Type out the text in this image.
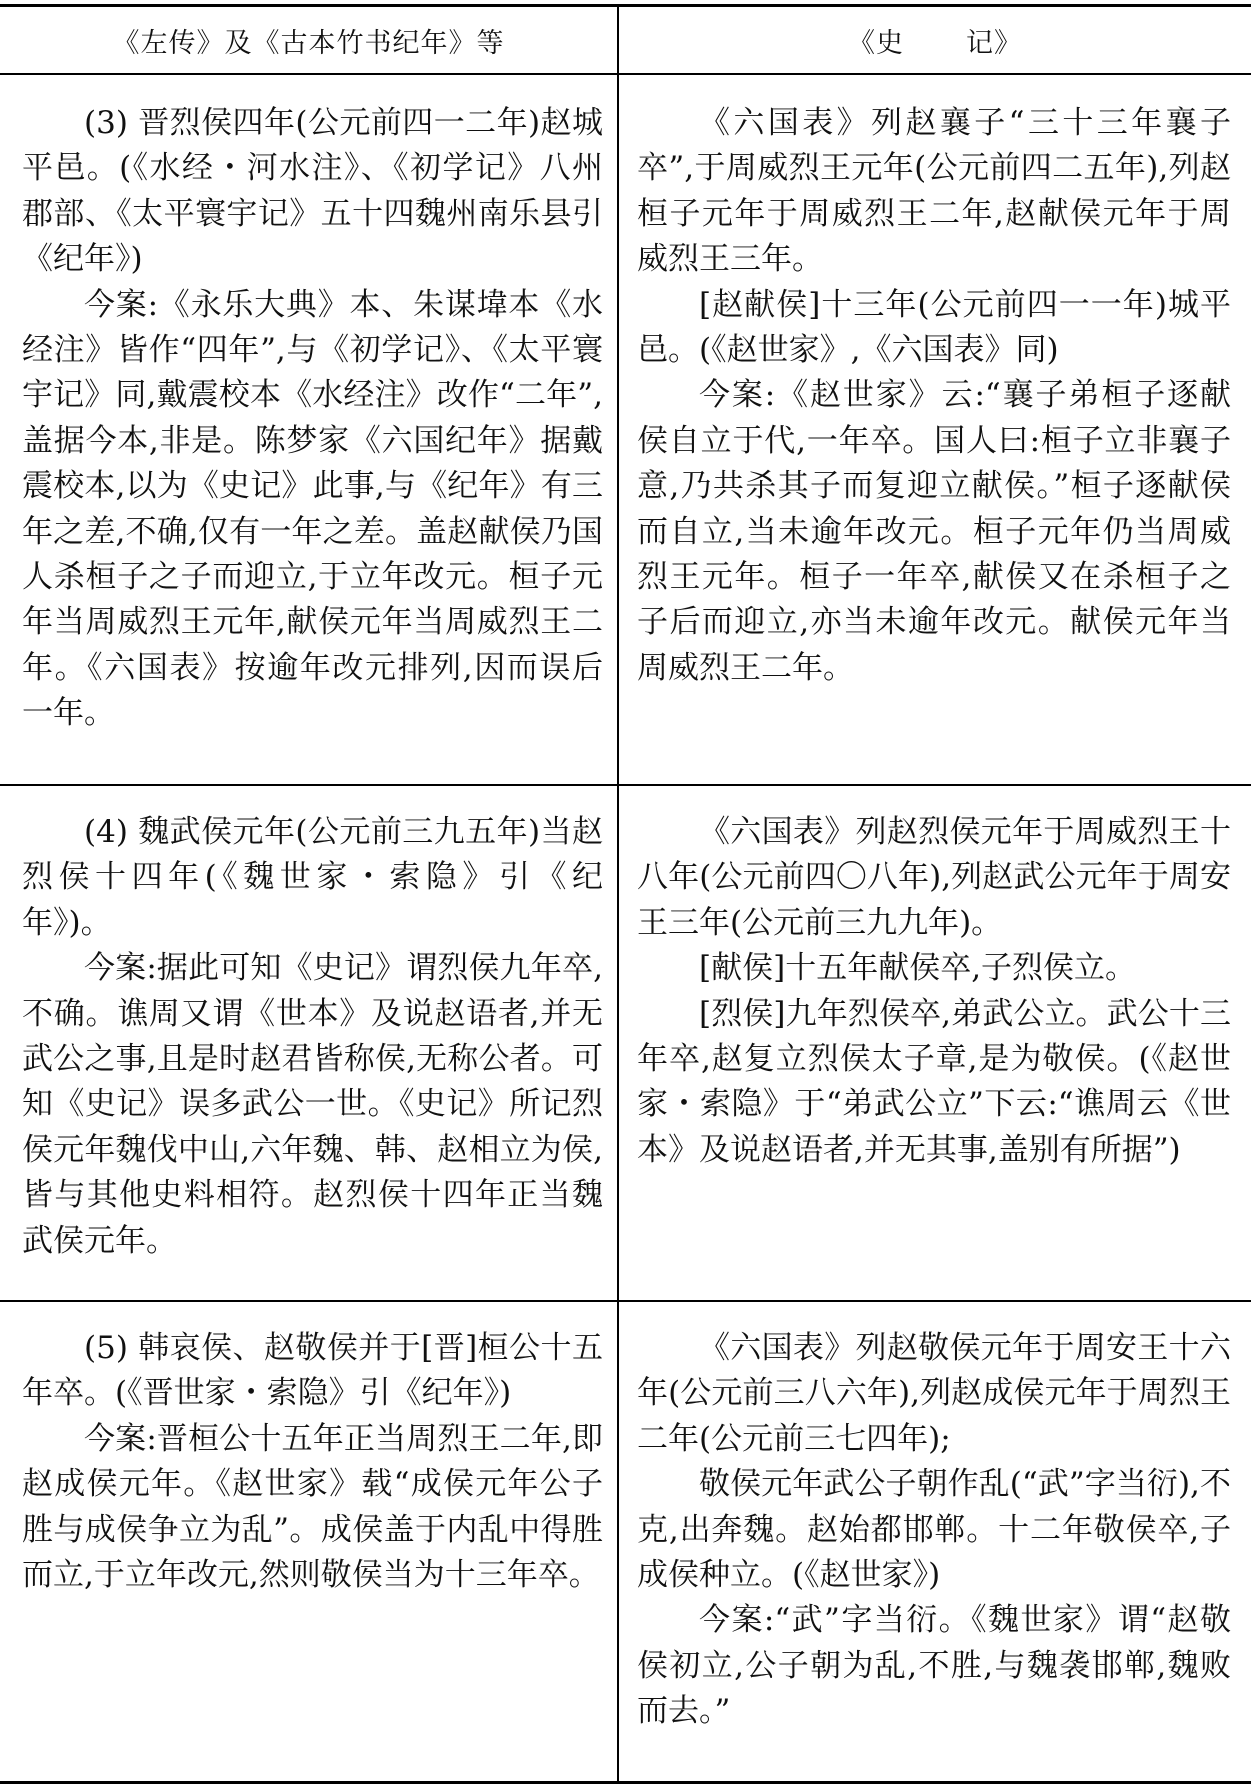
《左传》及《古本竹书纪年》等	《史 记》

(3) 晋烈侯四年(公元前四一二年)赵城平邑。(《水经・河水注》、《初学记》八州郡部、《太平寰宇记》五十四魏州南乐县引《纪年》)

今案:《永乐大典》本、朱谋㙔本《水经注》皆作“四年”,与《初学记》、《太平寰宇记》同,戴震校本《水经注》改作“二年”,盖据今本,非是。陈梦家《六国纪年》据戴震校本,以为《史记》此事,与《纪年》有三年之差,不确,仅有一年之差。盖赵献侯乃国人杀桓子之子而迎立,于立年改元。桓子元年当周威烈王元年,献侯元年当周威烈王二年。《六国表》按逾年改元排列,因而误后一年。

《六国表》列赵襄子“三十三年襄子卒”,于周威烈王元年(公元前四二五年),列赵桓子元年于周威烈王二年,赵献侯元年于周威烈王三年。

[赵献侯]十三年(公元前四一一年)城平邑。(《赵世家》,《六国表》同)

今案:《赵世家》云:“襄子弟桓子逐献侯自立于代,一年卒。国人曰:桓子立非襄子意,乃共杀其子而复迎立献侯。”桓子逐献侯而自立,当未逾年改元。桓子元年仍当周威烈王元年。桓子一年卒,献侯又在杀桓子之子后而迎立,亦当未逾年改元。献侯元年当周威烈王二年。

(4) 魏武侯元年(公元前三九五年)当赵烈侯十四年(《魏世家・索隐》引《纪年》)。

今案:据此可知《史记》谓烈侯九年卒,不确。谯周又谓《世本》及说赵语者,并无武公之事,且是时赵君皆称侯,无称公者。可知《史记》误多武公一世。《史记》所记烈侯元年魏伐中山,六年魏、韩、赵相立为侯,皆与其他史料相符。赵烈侯十四年正当魏武侯元年。

《六国表》列赵烈侯元年于周威烈王十八年(公元前四〇八年),列赵武公元年于周安王三年(公元前三九九年)。

[献侯]十五年献侯卒,子烈侯立。

[烈侯]九年烈侯卒,弟武公立。武公十三年卒,赵复立烈侯太子章,是为敬侯。(《赵世家・索隐》于“弟武公立”下云:“谯周云《世本》及说赵语者,并无其事,盖别有所据”)

(5) 韩哀侯、赵敬侯并于[晋]桓公十五年卒。(《晋世家・索隐》引《纪年》)

今案:晋桓公十五年正当周烈王二年,即赵成侯元年。《赵世家》载“成侯元年公子胜与成侯争立为乱”。成侯盖于内乱中得胜而立,于立年改元,然则敬侯当为十三年卒。

《六国表》列赵敬侯元年于周安王十六年(公元前三八六年),列赵成侯元年于周烈王二年(公元前三七四年);

敬侯元年武公子朝作乱(“武”字当衍),不克,出奔魏。赵始都邯郸。十二年敬侯卒,子成侯种立。(《赵世家》)

今案:“武”字当衍。《魏世家》谓“赵敬侯初立,公子朝为乱,不胜,与魏袭邯郸,魏败而去。”
